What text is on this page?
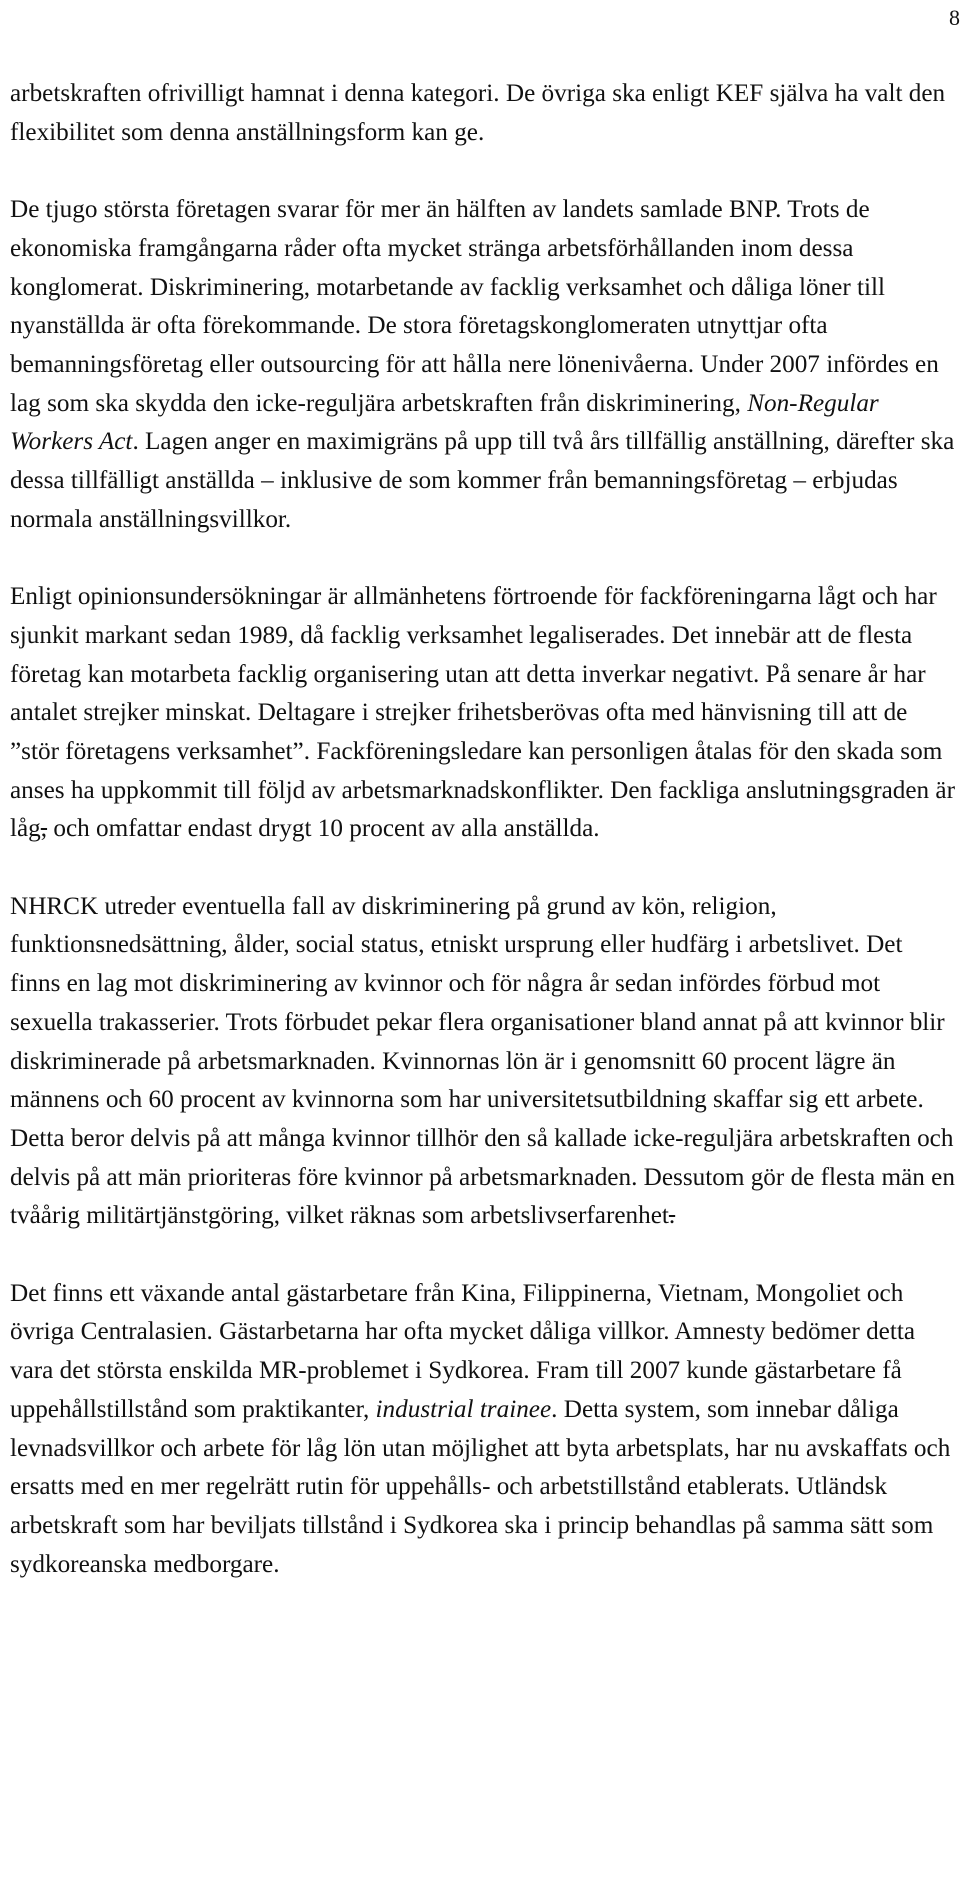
8

arbetskraften ofrivilligt hamnat i denna kategori. De övriga ska enligt KEF själva ha valt den flexibilitet som denna anställningsform kan ge.

De tjugo största företagen svarar för mer än hälften av landets samlade BNP. Trots de ekonomiska framgångarna råder ofta mycket stränga arbetsförhållanden inom dessa konglomerat. Diskriminering, motarbetande av facklig verksamhet och dåliga löner till nyanställda är ofta förekommande. De stora företagskonglomeraten utnyttjar ofta bemanningsföretag eller outsourcing för att hålla nere lönenivåerna. Under 2007 infördes en lag som ska skydda den icke-reguljära arbetskraften från diskriminering, Non-Regular Workers Act. Lagen anger en maximigräns på upp till två års tillfällig anställning, därefter ska dessa tillfälligt anställda – inklusive de som kommer från bemanningsföretag – erbjudas normala anställningsvillkor.

Enligt opinionsundersökningar är allmänhetens förtroende för fackföreningarna lågt och har sjunkit markant sedan 1989, då facklig verksamhet legaliserades. Det innebär att de flesta företag kan motarbeta facklig organisering utan att detta inverkar negativt. På senare år har antalet strejker minskat. Deltagare i strejker frihetsberövas ofta med hänvisning till att de ”stör företagens verksamhet”. Fackföreningsledare kan personligen åtalas för den skada som anses ha uppkommit till följd av arbetsmarknadskonflikter. Den fackliga anslutningsgraden är låg, och omfattar endast drygt 10 procent av alla anställda.

NHRCK utreder eventuella fall av diskriminering på grund av kön, religion, funktionsnedsättning, ålder, social status, etniskt ursprung eller hudfärg i arbetslivet. Det finns en lag mot diskriminering av kvinnor och för några år sedan infördes förbud mot sexuella trakasserier. Trots förbudet pekar flera organisationer bland annat på att kvinnor blir diskriminerade på arbetsmarknaden. Kvinnornas lön är i genomsnitt 60 procent lägre än männens och 60 procent av kvinnorna som har universitetsutbildning skaffar sig ett arbete. Detta beror delvis på att många kvinnor tillhör den så kallade icke-reguljära arbetskraften och delvis på att män prioriteras före kvinnor på arbetsmarknaden. Dessutom gör de flesta män en tvåårig militärtjänstgöring, vilket räknas som arbetslivserfarenhet.

Det finns ett växande antal gästarbetare från Kina, Filippinerna, Vietnam, Mongoliet och övriga Centralasien. Gästarbetarna har ofta mycket dåliga villkor. Amnesty bedömer detta vara det största enskilda MR-problemet i Sydkorea. Fram till 2007 kunde gästarbetare få uppehållstillstånd som praktikanter, industrial trainee. Detta system, som innebar dåliga levnadsvillkor och arbete för låg lön utan möjlighet att byta arbetsplats, har nu avskaffats och ersatts med en mer regelrätt rutin för uppehålls- och arbetstillstånd etablerats. Utländsk arbetskraft som har beviljats tillstånd i Sydkorea ska i princip behandlas på samma sätt som sydkoreanska medborgare.
